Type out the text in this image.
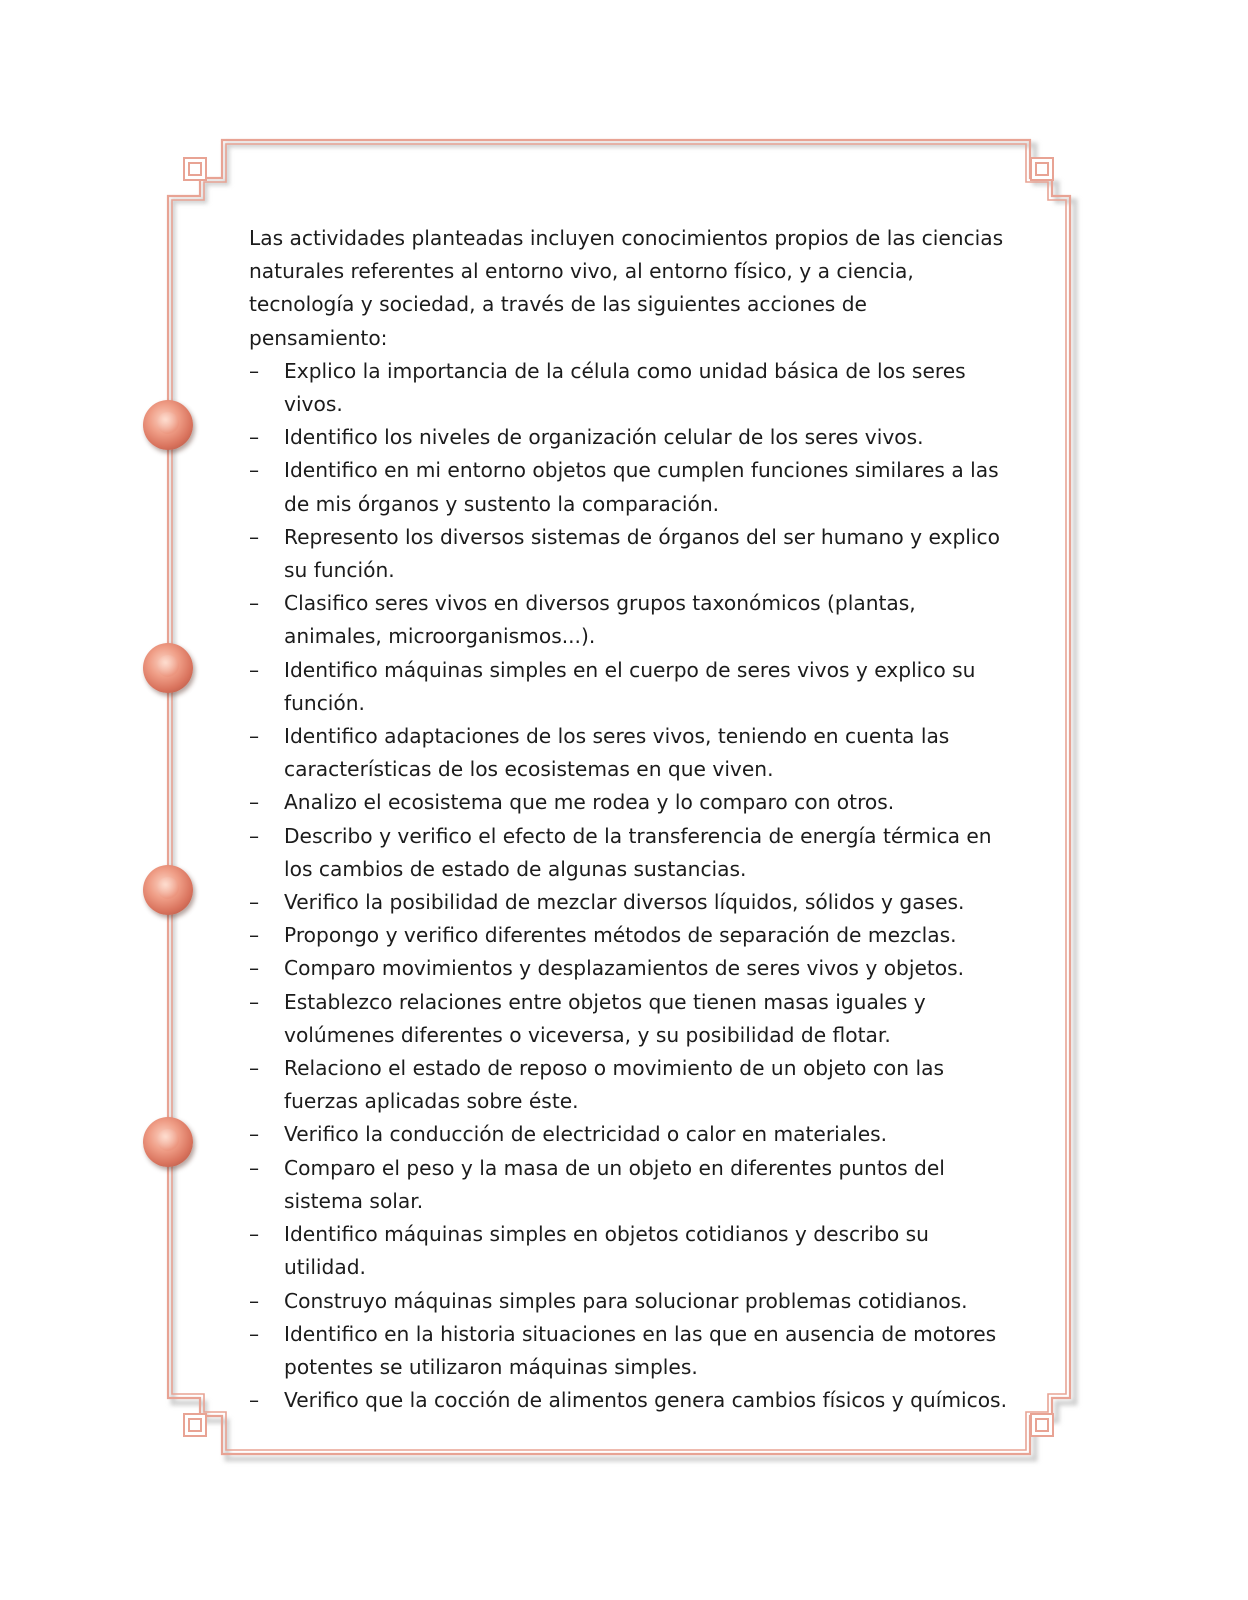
Las actividades planteadas incluyen conocimientos propios de las ciencias naturales referentes al entorno vivo, al entorno físico, y a ciencia, tecnología y sociedad, a través de las siguientes acciones de pensamiento:

– Explico la importancia de la célula como unidad básica de los seres vivos.
– Identifico los niveles de organización celular de los seres vivos.
– Identifico en mi entorno objetos que cumplen funciones similares a las de mis órganos y sustento la comparación.
– Represento los diversos sistemas de órganos del ser humano y explico su función.
– Clasifico seres vivos en diversos grupos taxonómicos (plantas, animales, microorganismos...).
– Identifico máquinas simples en el cuerpo de seres vivos y explico su función.
– Identifico adaptaciones de los seres vivos, teniendo en cuenta las características de los ecosistemas en que viven.
– Analizo el ecosistema que me rodea y lo comparo con otros.
– Describo y verifico el efecto de la transferencia de energía térmica en los cambios de estado de algunas sustancias.
– Verifico la posibilidad de mezclar diversos líquidos, sólidos y gases.
– Propongo y verifico diferentes métodos de separación de mezclas.
– Comparo movimientos y desplazamientos de seres vivos y objetos.
– Establezco relaciones entre objetos que tienen masas iguales y volúmenes diferentes o viceversa, y su posibilidad de flotar.
– Relaciono el estado de reposo o movimiento de un objeto con las fuerzas aplicadas sobre éste.
– Verifico la conducción de electricidad o calor en materiales.
– Comparo el peso y la masa de un objeto en diferentes puntos del sistema solar.
– Identifico máquinas simples en objetos cotidianos y describo su utilidad.
– Construyo máquinas simples para solucionar problemas cotidianos.
– Identifico en la historia situaciones en las que en ausencia de motores potentes se utilizaron máquinas simples.
– Verifico que la cocción de alimentos genera cambios físicos y químicos.
